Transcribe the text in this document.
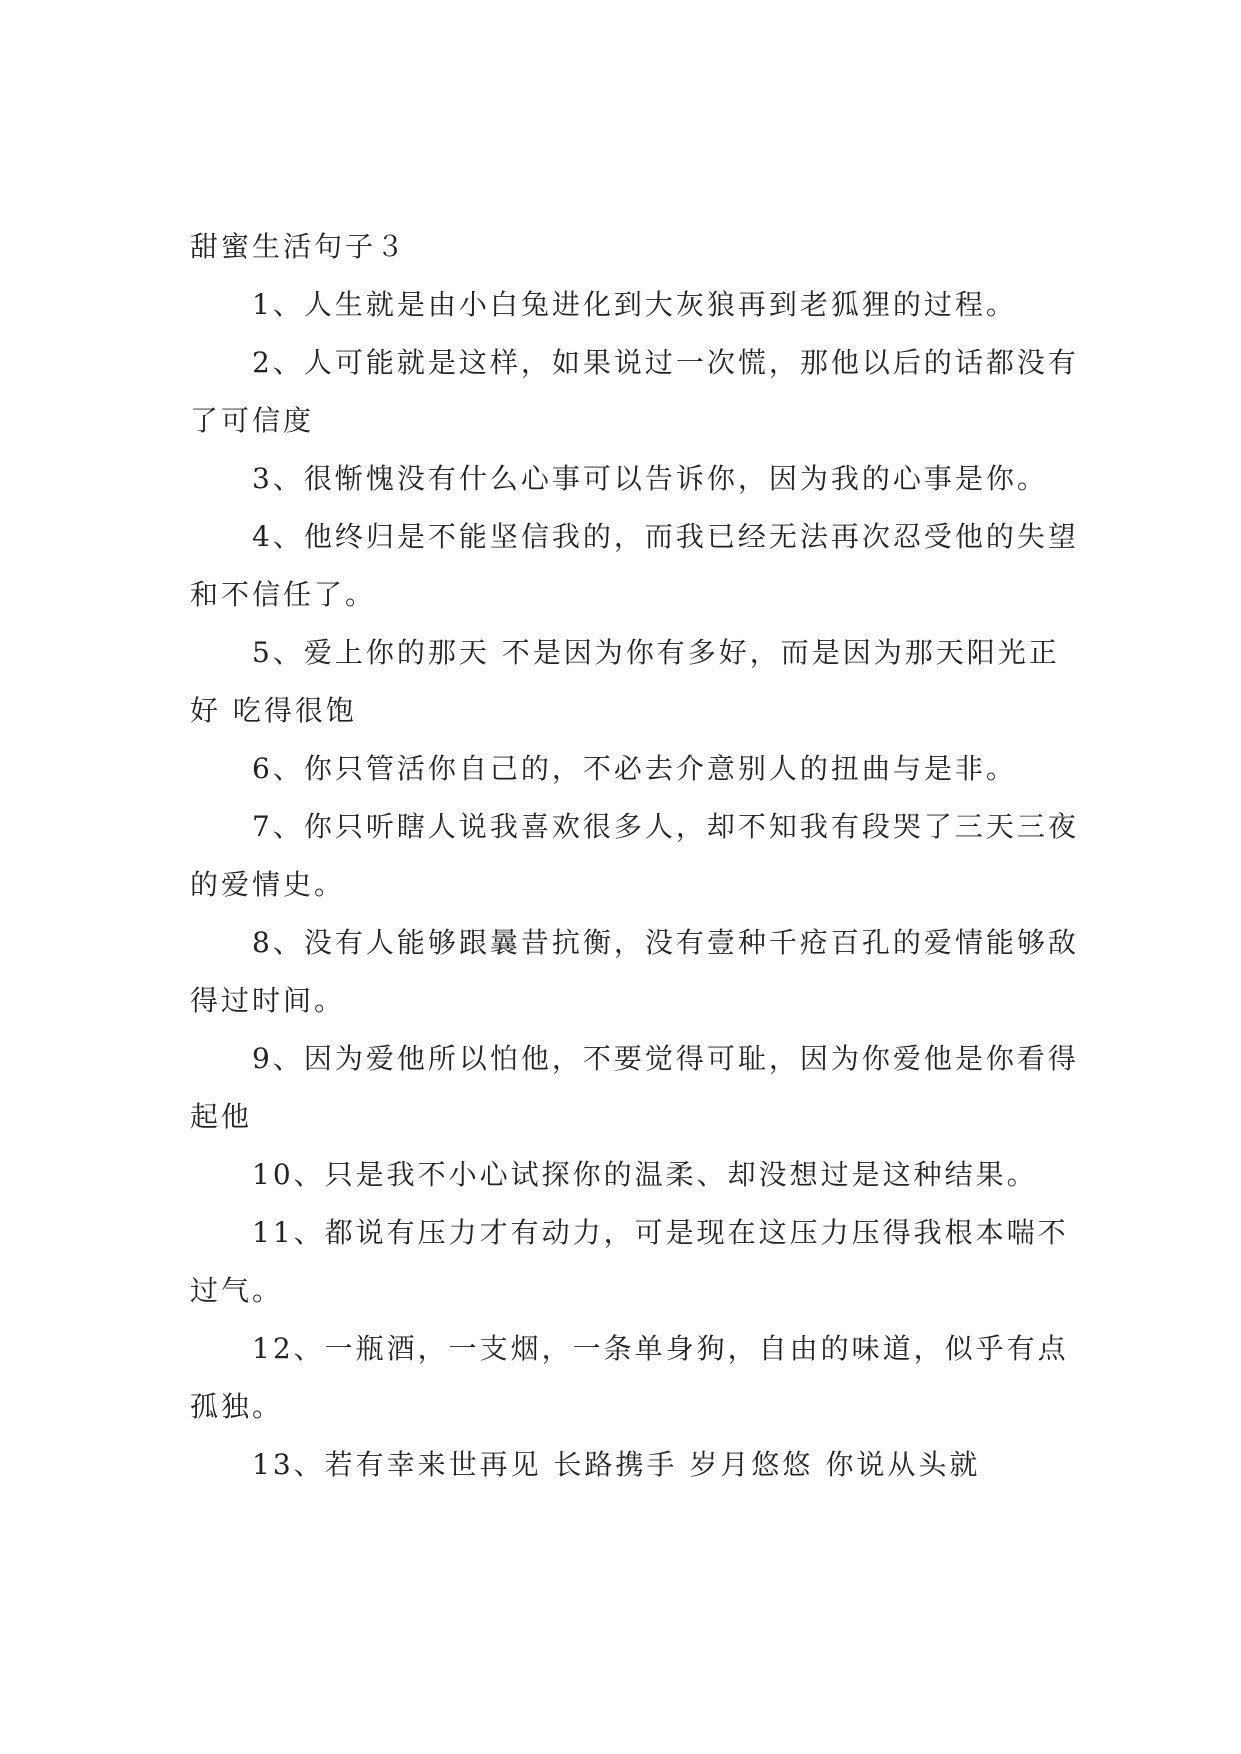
甜蜜生活句子３

1、人生就是由小白兔进化到大灰狼再到老狐狸的过程。

2、人可能就是这样，如果说过一次慌，那他以后的话都没有了可信度

3、很惭愧没有什么心事可以告诉你，因为我的心事是你。

4、他终归是不能坚信我的，而我已经无法再次忍受他的失望和不信任了。

5、爱上你的那天 不是因为你有多好，而是因为那天阳光正好 吃得很饱

6、你只管活你自己的，不必去介意别人的扭曲与是非。

7、你只听瞎人说我喜欢很多人，却不知我有段哭了三天三夜的爱情史。

8、没有人能够跟曩昔抗衡，没有壹种千疮百孔的爱情能够敌得过时间。

9、因为爱他所以怕他，不要觉得可耻，因为你爱他是你看得起他

10、只是我不小心试探你的温柔、却没想过是这种结果。

11、都说有压力才有动力，可是现在这压力压得我根本喘不过气。

12、一瓶酒，一支烟，一条单身狗，自由的味道，似乎有点孤独。

13、若有幸来世再见 长路携手 岁月悠悠 你说从头就
